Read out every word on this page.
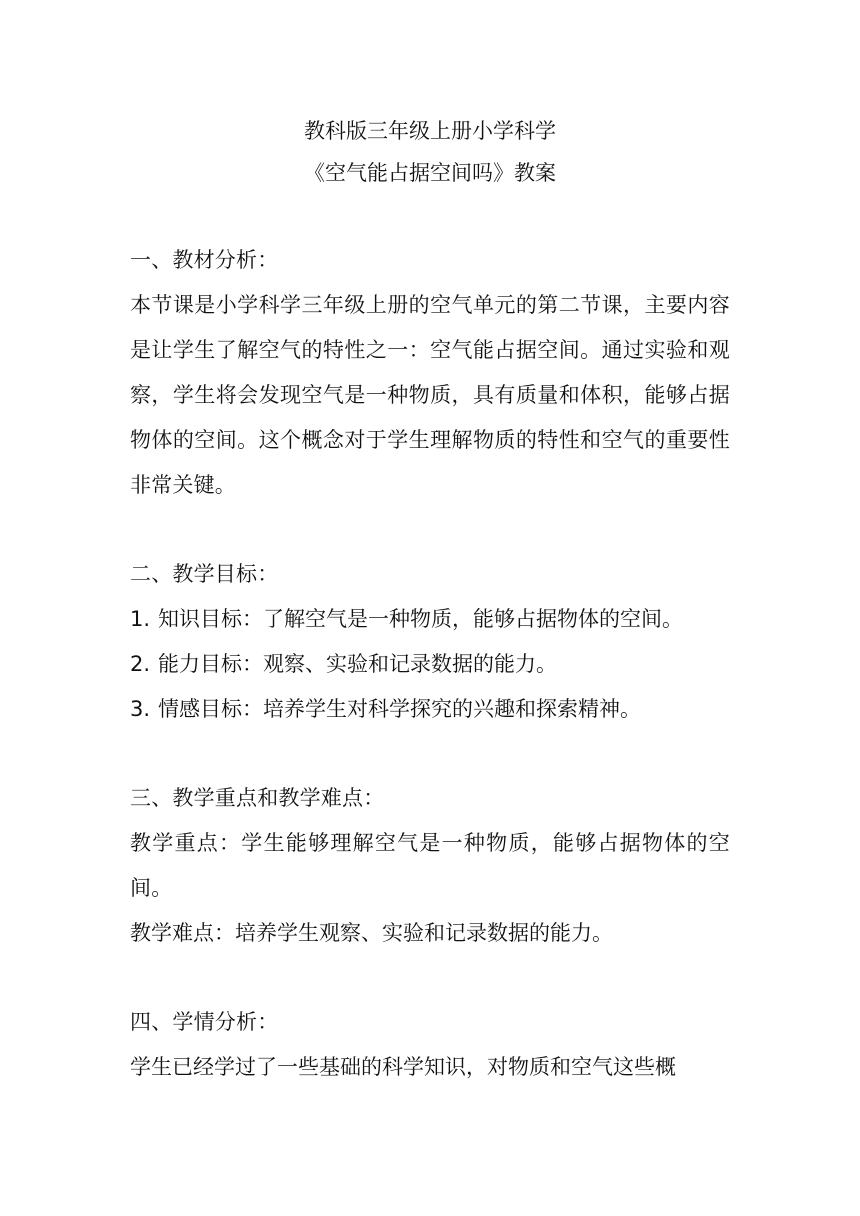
教科版三年级上册小学科学
《空气能占据空间吗》教案
一、教材分析：
本节课是小学科学三年级上册的空气单元的第二节课，主要内容是让学生了解空气的特性之一：空气能占据空间。通过实验和观察，学生将会发现空气是一种物质，具有质量和体积，能够占据物体的空间。这个概念对于学生理解物质的特性和空气的重要性非常关键。
二、教学目标：
1. 知识目标：了解空气是一种物质，能够占据物体的空间。
2. 能力目标：观察、实验和记录数据的能力。
3. 情感目标：培养学生对科学探究的兴趣和探索精神。
三、教学重点和教学难点：
教学重点：学生能够理解空气是一种物质，能够占据物体的空间。
教学难点：培养学生观察、实验和记录数据的能力。
四、学情分析：
学生已经学过了一些基础的科学知识，对物质和空气这些概
